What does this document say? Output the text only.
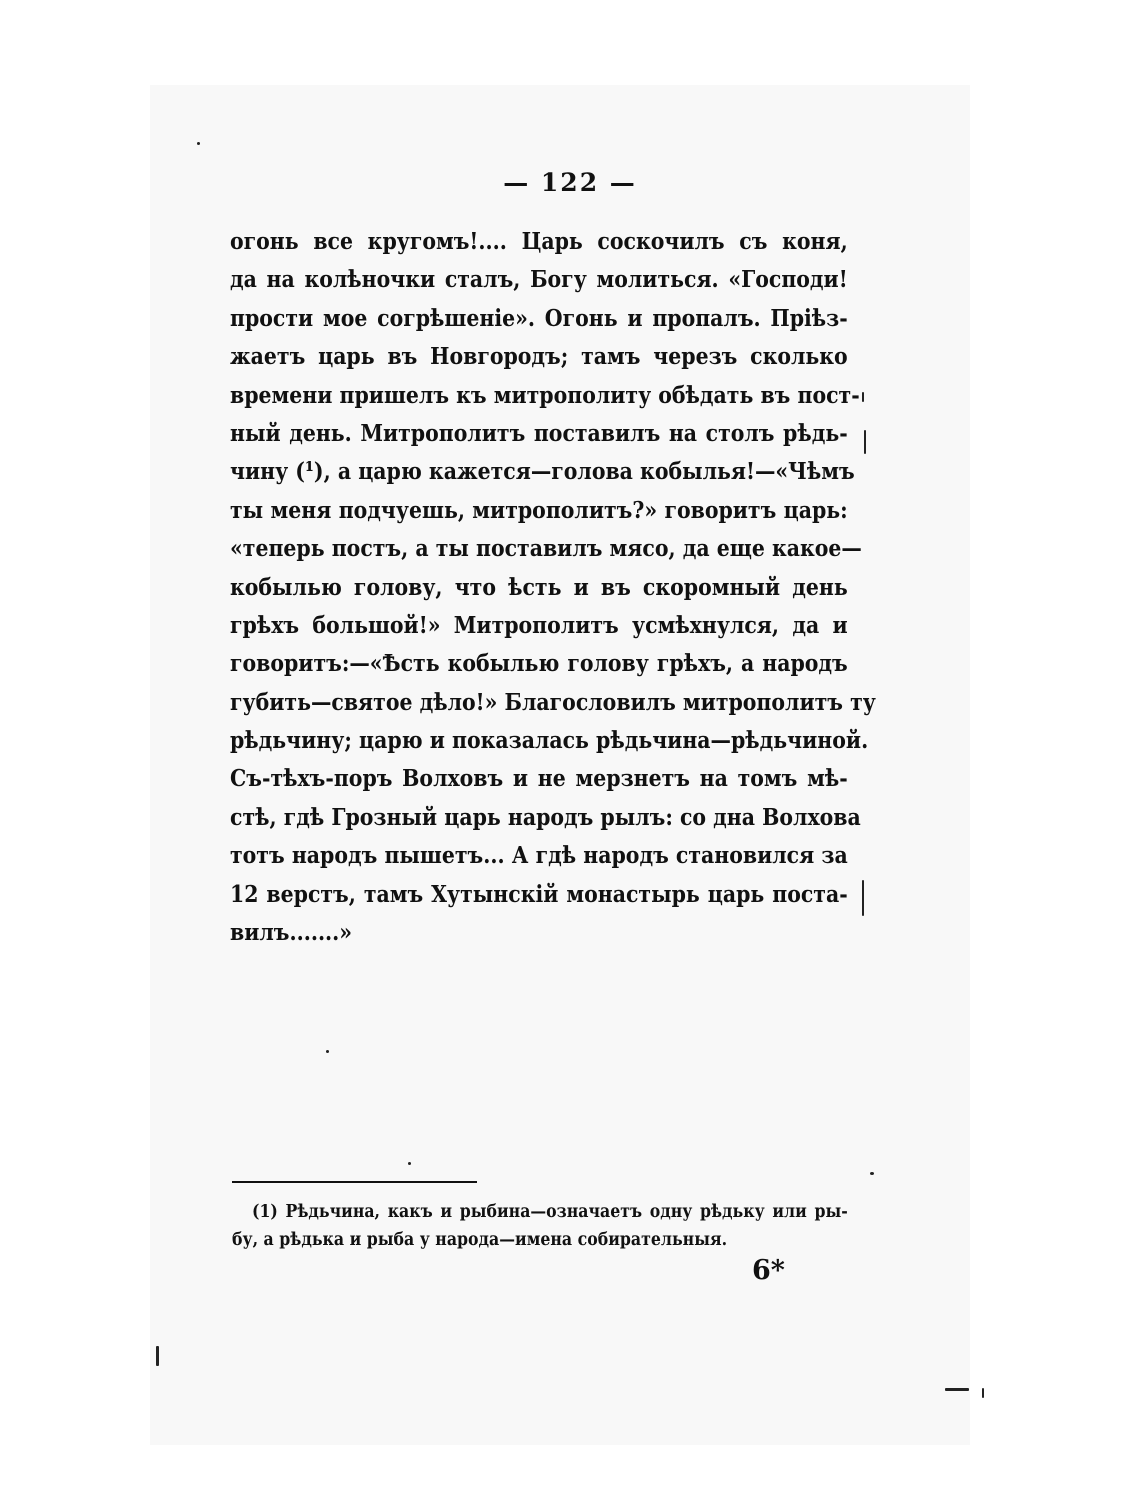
— 122 —
огонь все кругомъ!.... Царь соскочилъ съ коня,
да на колѣночки сталъ, Богу молиться. «Господи!
прости мое согрѣшеніе». Огонь и пропалъ. Пріѣз-
жаетъ царь въ Новгородъ; тамъ черезъ сколько
времени пришелъ къ митрополиту обѣдать въ пост-
ный день. Митрополитъ поставилъ на столъ рѣдь-
чину (¹), а царю кажется—голова кобылья!—«Чѣмъ
ты меня подчуешь, митрополитъ?» говоритъ царь:
«теперь постъ, а ты поставилъ мясо, да еще какое—
кобылью голову, что ѣсть и въ скоромный день
грѣхъ большой!» Митрополитъ усмѣхнулся, да и
говоритъ:—«Ѣсть кобылью голову грѣхъ, а народъ
губить—святое дѣло!» Благословилъ митрополитъ ту
рѣдьчину; царю и показалась рѣдьчина—рѣдьчиной.
Съ-тѣхъ-поръ Волховъ и не мерзнетъ на томъ мѣ-
стѣ, гдѣ Грозный царь народъ рылъ: со дна Волхова
тотъ народъ пышетъ... А гдѣ народъ становился за
12 верстъ, тамъ Хутынскій монастырь царь поста-
вилъ.......»
(1) Рѣдьчина, какъ и рыбина—означаетъ одну рѣдьку или ры-
бу, а рѣдька и рыба у народа—имена собирательныя.
6*
